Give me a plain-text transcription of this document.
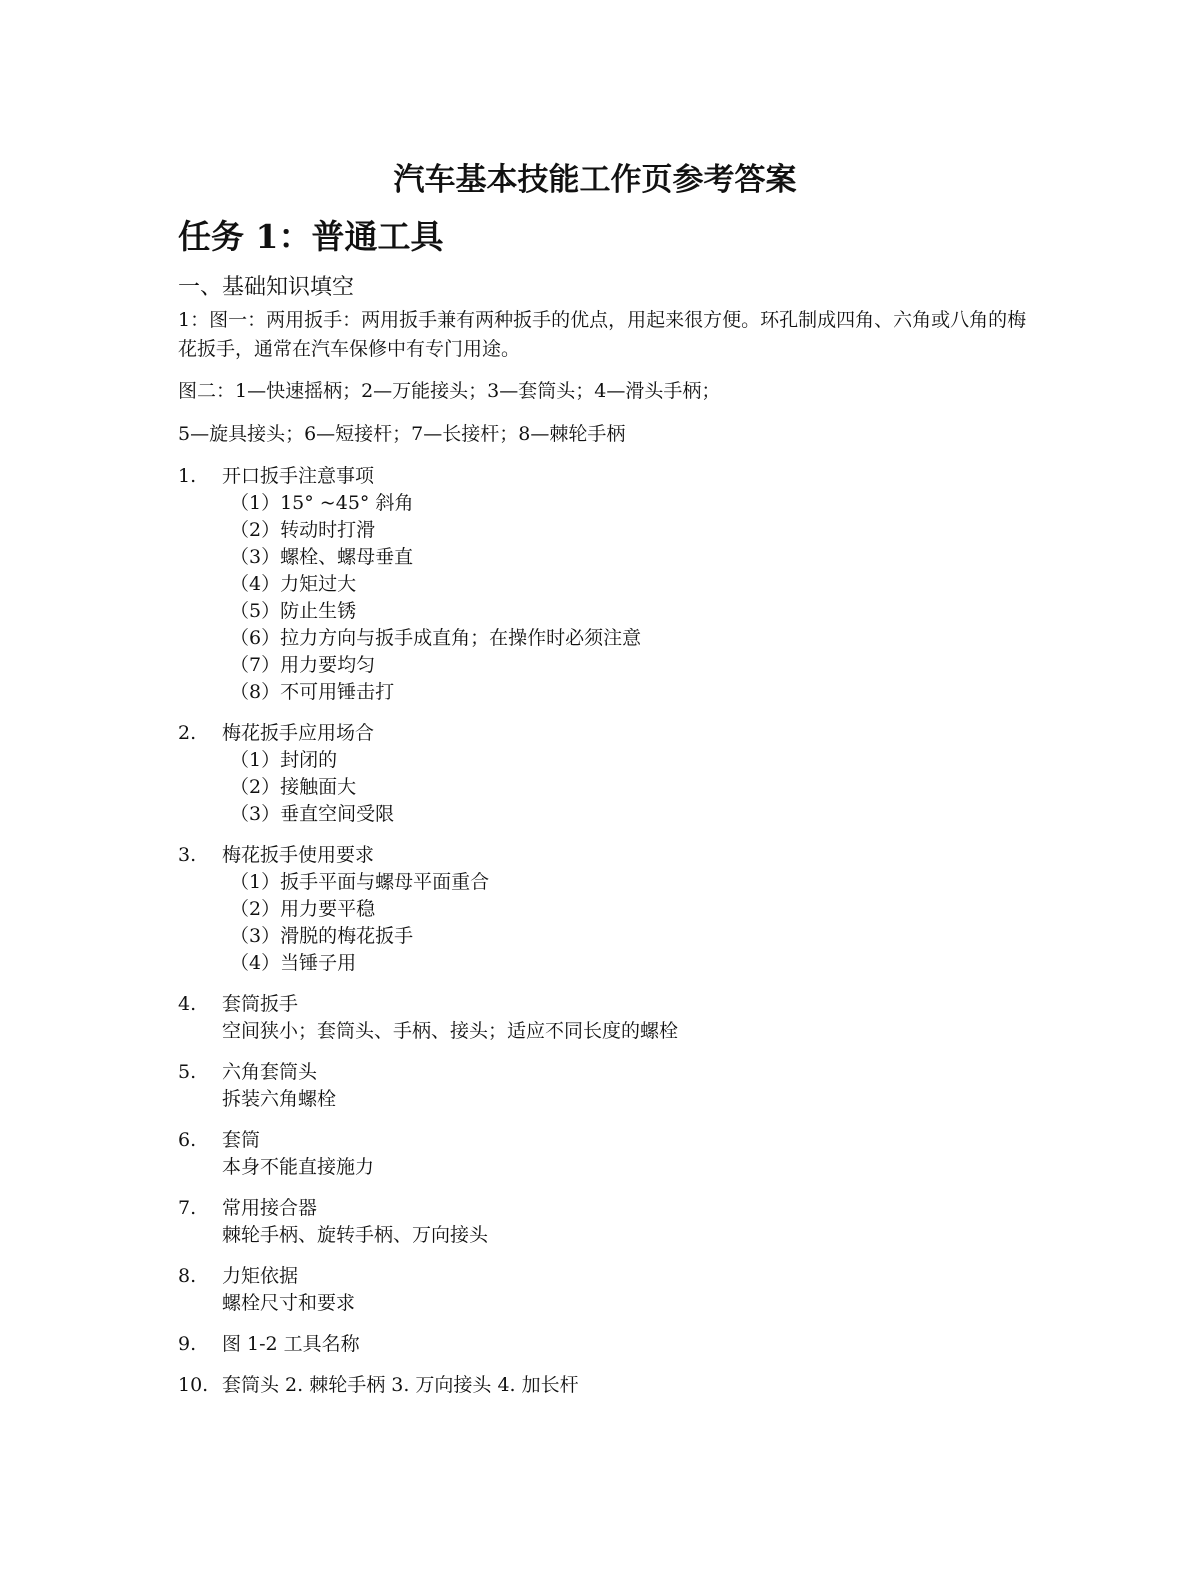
汽车基本技能工作页参考答案
任务 1：普通工具
一、基础知识填空

1：图一：两用扳手：两用扳手兼有两种扳手的优点，用起来很方便。环孔制成四角、六角或八角的梅花扳手，通常在汽车保修中有专门用途。

图二：1—快速摇柄；2—万能接头；3—套筒头；4—滑头手柄；

5—旋具接头；6—短接杆；7—长接杆；8—棘轮手柄

1.	开口扳手注意事项
（1）15° ~45° 斜角
（2）转动时打滑
（3）螺栓、螺母垂直
（4）力矩过大
（5）防止生锈
（6）拉力方向与扳手成直角；在操作时必须注意
（7）用力要均匀
（8）不可用锤击打
2.	梅花扳手应用场合
（1）封闭的
（2）接触面大
（3）垂直空间受限
3.	梅花扳手使用要求
（1）扳手平面与螺母平面重合
（2）用力要平稳
（3）滑脱的梅花扳手
（4）当锤子用
4.	套筒扳手
空间狭小；套筒头、手柄、接头；适应不同长度的螺栓
5.	六角套筒头
拆装六角螺栓
6.	套筒
本身不能直接施力
7.	常用接合器
棘轮手柄、旋转手柄、万向接头
8.	力矩依据
螺栓尺寸和要求
9.	图 1-2 工具名称
10. 套筒头 2. 棘轮手柄 3. 万向接头 4. 加长杆
